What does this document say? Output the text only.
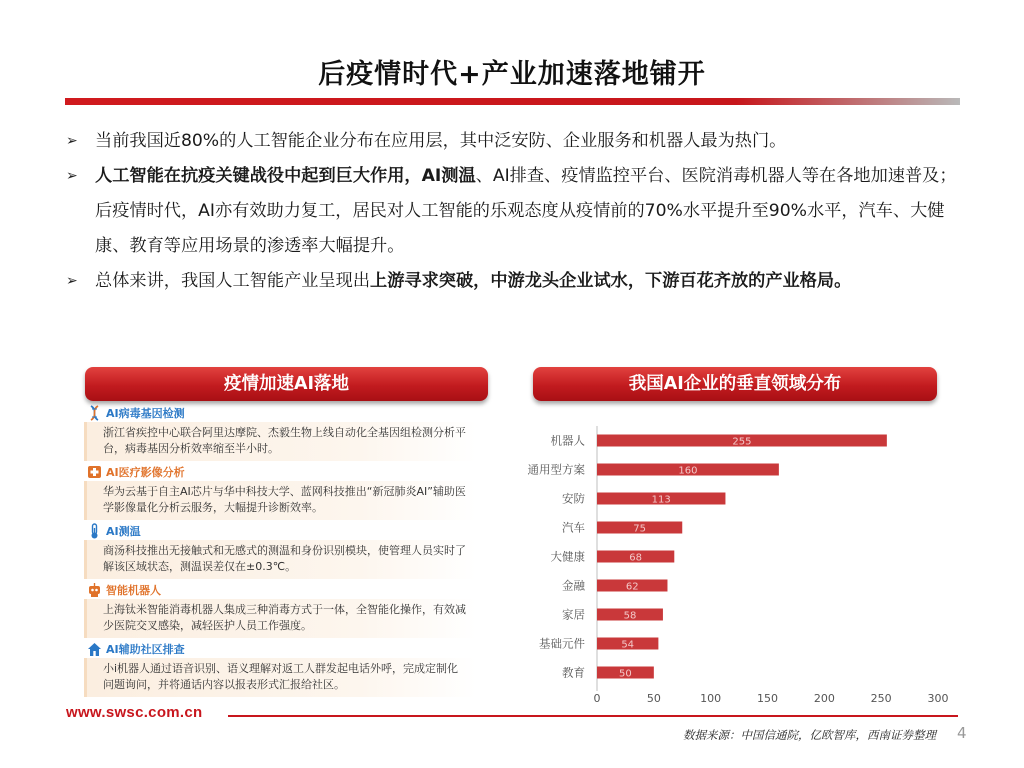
后疫情时代+产业加速落地铺开
➢ 当前我国近80%的人工智能企业分布在应用层，其中泛安防、企业服务和机器人最为热门。
➢ 人工智能在抗疫关键战役中起到巨大作用，AI测温、AI排查、疫情监控平台、医院消毒机器人等在各地加速普及；后疫情时代，AI亦有效助力复工，居民对人工智能的乐观态度从疫情前的70%水平提升至90%水平，汽车、大健康、教育等应用场景的渗透率大幅提升。
➢ 总体来讲，我国人工智能产业呈现出上游寻求突破，中游龙头企业试水，下游百花齐放的产业格局。
疫情加速AI落地	我国AI企业的垂直领域分布
AI病毒基因检测
浙江省疾控中心联合阿里达摩院、杰毅生物上线自动化全基因组检测分析平台，病毒基因分析效率缩至半小时。
AI医疗影像分析
华为云基于自主AI芯片与华中科技大学、蓝网科技推出“新冠肺炎AI”辅助医学影像量化分析云服务，大幅提升诊断效率。
AI测温
商汤科技推出无接触式和无感式的测温和身份识别模块，使管理人员实时了解该区域状态，测温误差仅在±0.3℃。
智能机器人
上海钛米智能消毒机器人集成三种消毒方式于一体，全智能化操作，有效减少医院交叉感染，减轻医护人员工作强度。
AI辅助社区排查
小i机器人通过语音识别、语义理解对返工人群发起电话外呼，完成定制化问题询问，并将通话内容以报表形式汇报给社区。
机器人	255
通用型方案	160
安防	113
汽车	75
大健康	68
金融	62
家居	58
基础元件	54
教育	50
0	50	100	150	200	250	300
www.swsc.com.cn
数据来源：中国信通院，亿欧智库，西南证券整理 4
